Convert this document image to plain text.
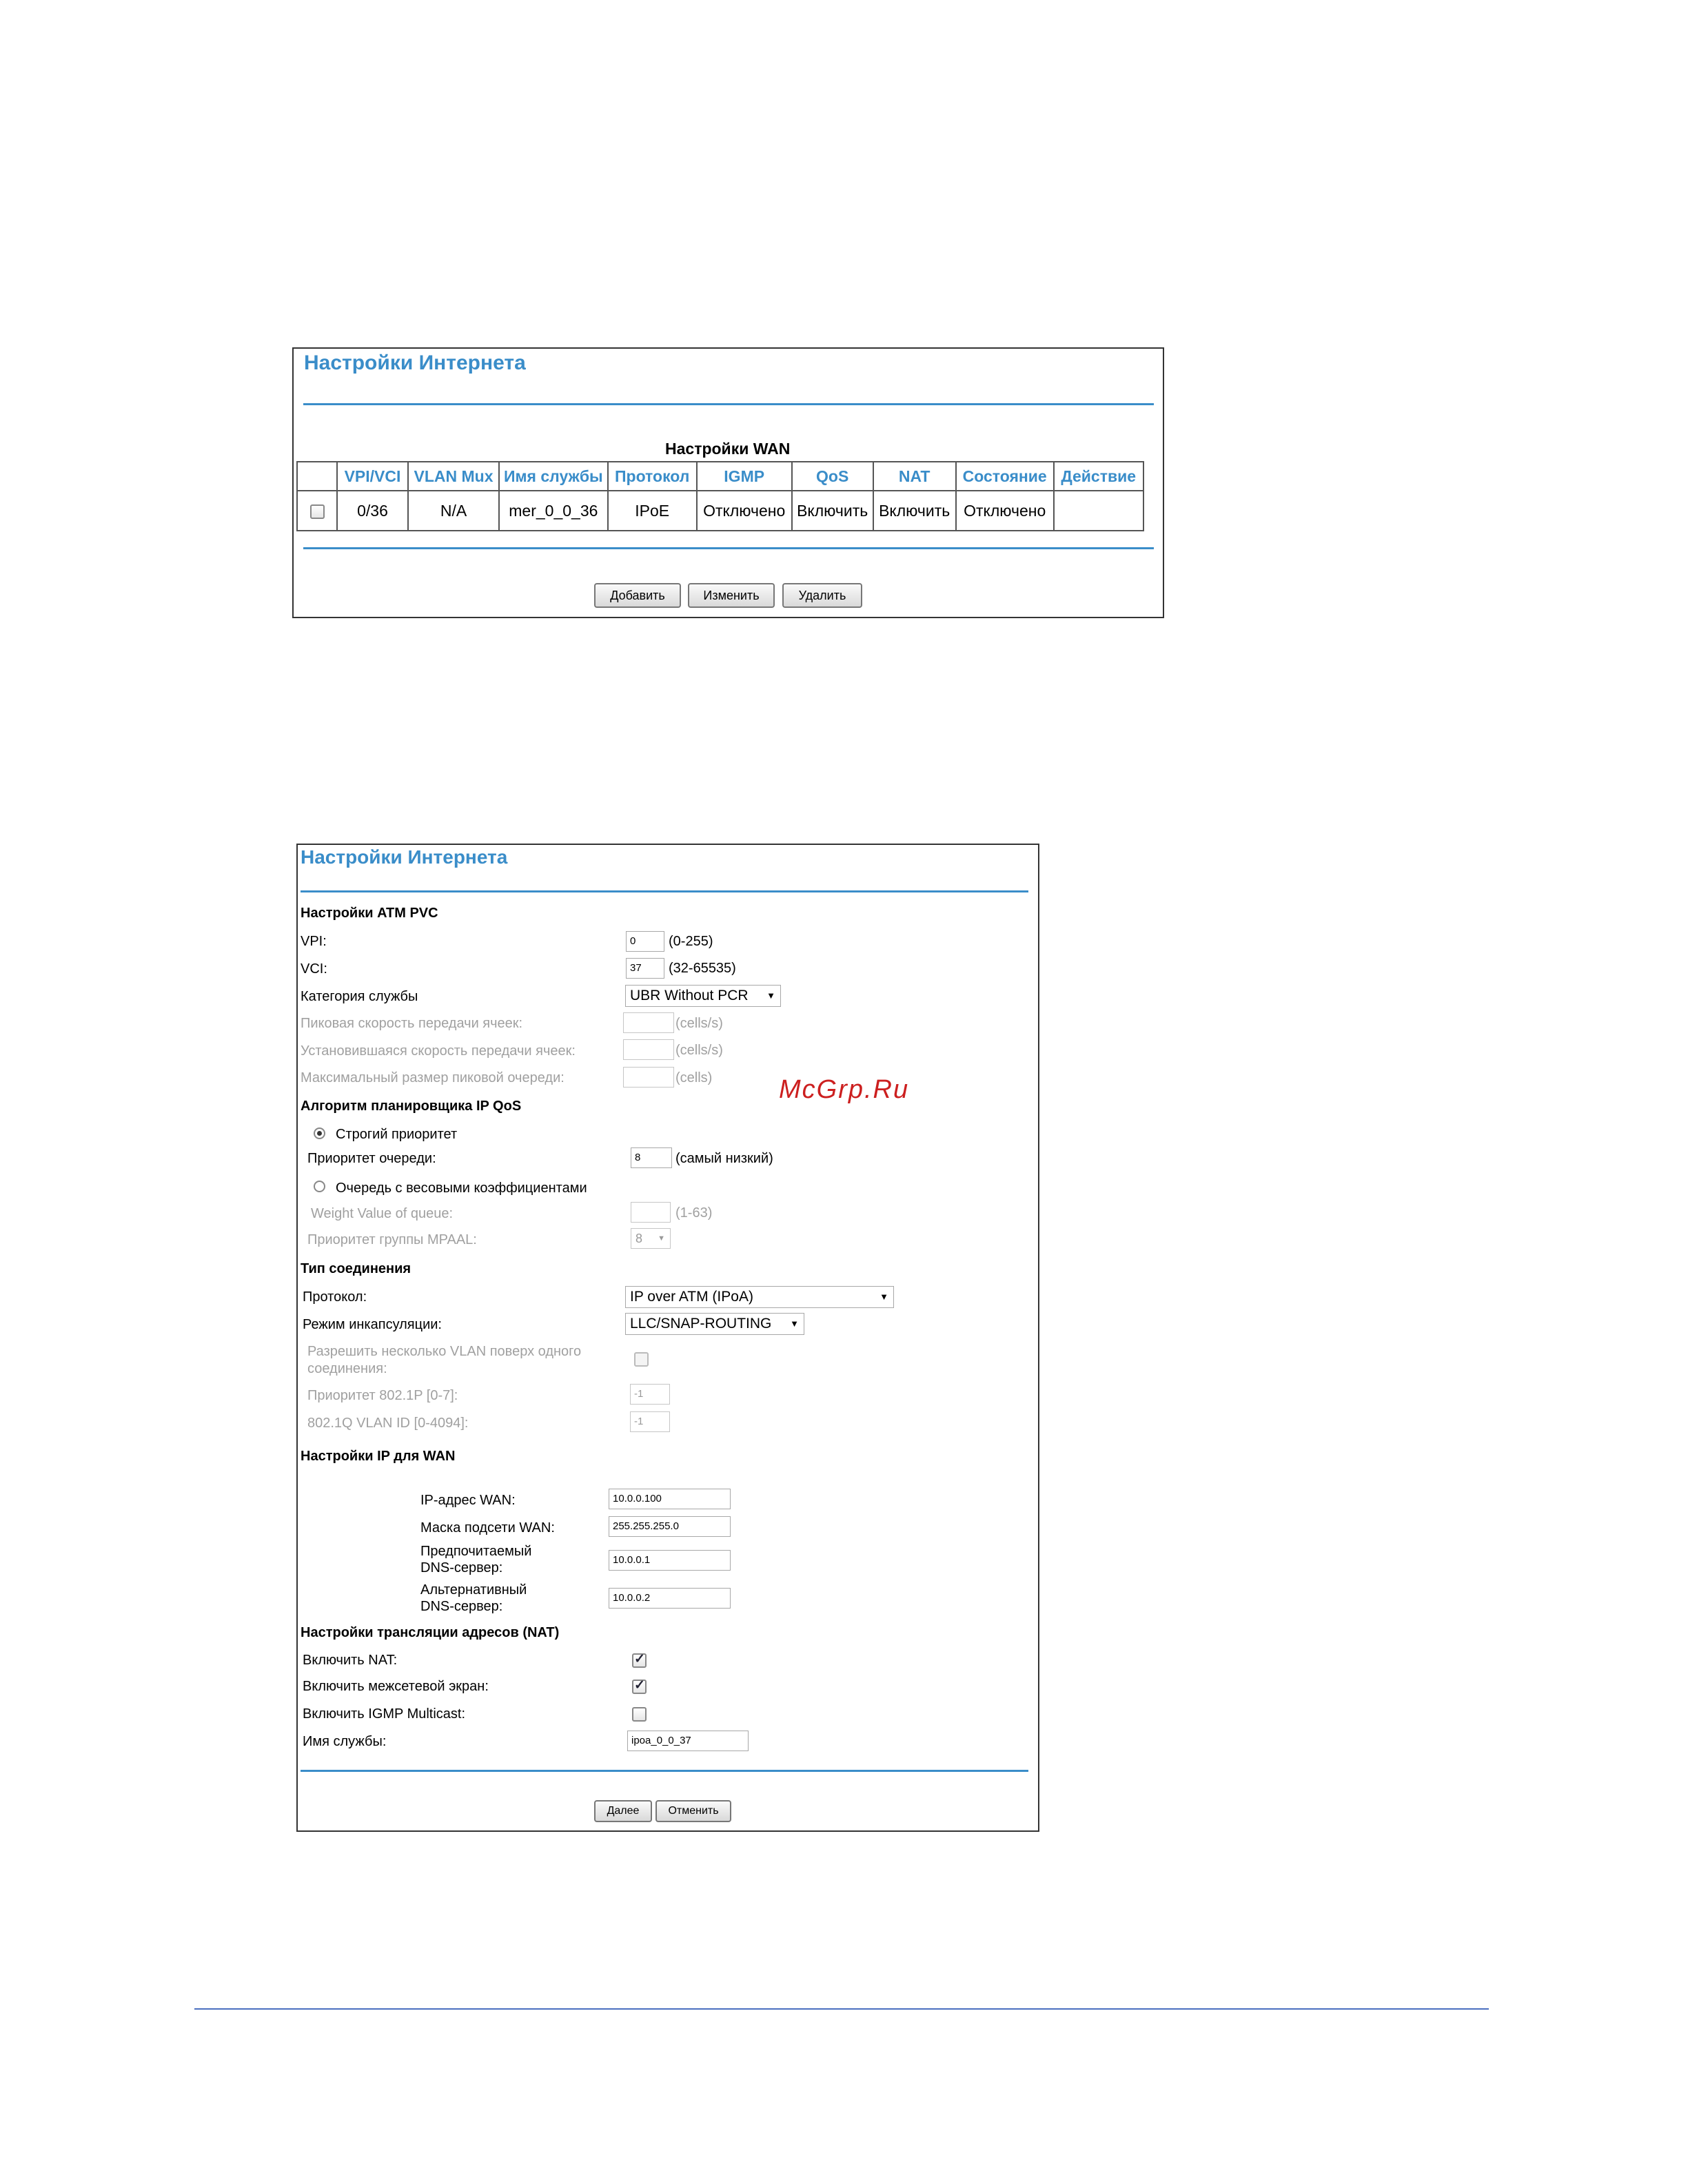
Настройки Интернета
Настройки WAN
	VPI/VCI	VLAN Mux	Имя службы	Протокол	IGMP	QoS	NAT	Состояние	Действие
	0/36	N/A	mer_0_0_36	IPoE	Отключено	Включить	Включить	Отключено	
Добавить	Изменить	Удалить
Настройки Интернета
Настройки ATM PVC
VPI:	0	(0-255)
VCI:	37	(32-65535)
Категория службы	UBR Without PCR ▼
Пиковая скорость передачи ячеек:	(cells/s)
Установившаяся скорость передачи ячеек:	(cells/s)
Максимальный размер пиковой очереди:	(cells)	McGrp.Ru
Алгоритм планировщика IP QoS
Строгий приоритет
Приоритет очереди:	8	(самый низкий)
Очередь с весовыми коэффициентами
Weight Value of queue:	(1-63)
Приоритет группы MPAAL:	8 ▼
Тип соединения
Протокол:	IP over ATM (IPoA)	▼
Режим инкапсуляции:	LLC/SNAP-ROUTING ▼
Разрешить несколько VLAN поверх одного
соединения:
Приоритет 802.1P [0-7]:	-1
802.1Q VLAN ID [0-4094]:	-1
Настройки IP для WAN
IP-адрес WAN:	10.0.0.100
Маска подсети WAN:	255.255.255.0
Предпочитаемый
DNS-сервер:
10.0.0.1
Альтернативный
DNS-сервер:
10.0.0.2
Настройки трансляции адресов (NAT)
Включить NAT:
✓
Включить межсетевой экран:
✓
Включить IGMP Multicast:
Имя службы:	ipoa_0_0_37
Далее	Отменить
